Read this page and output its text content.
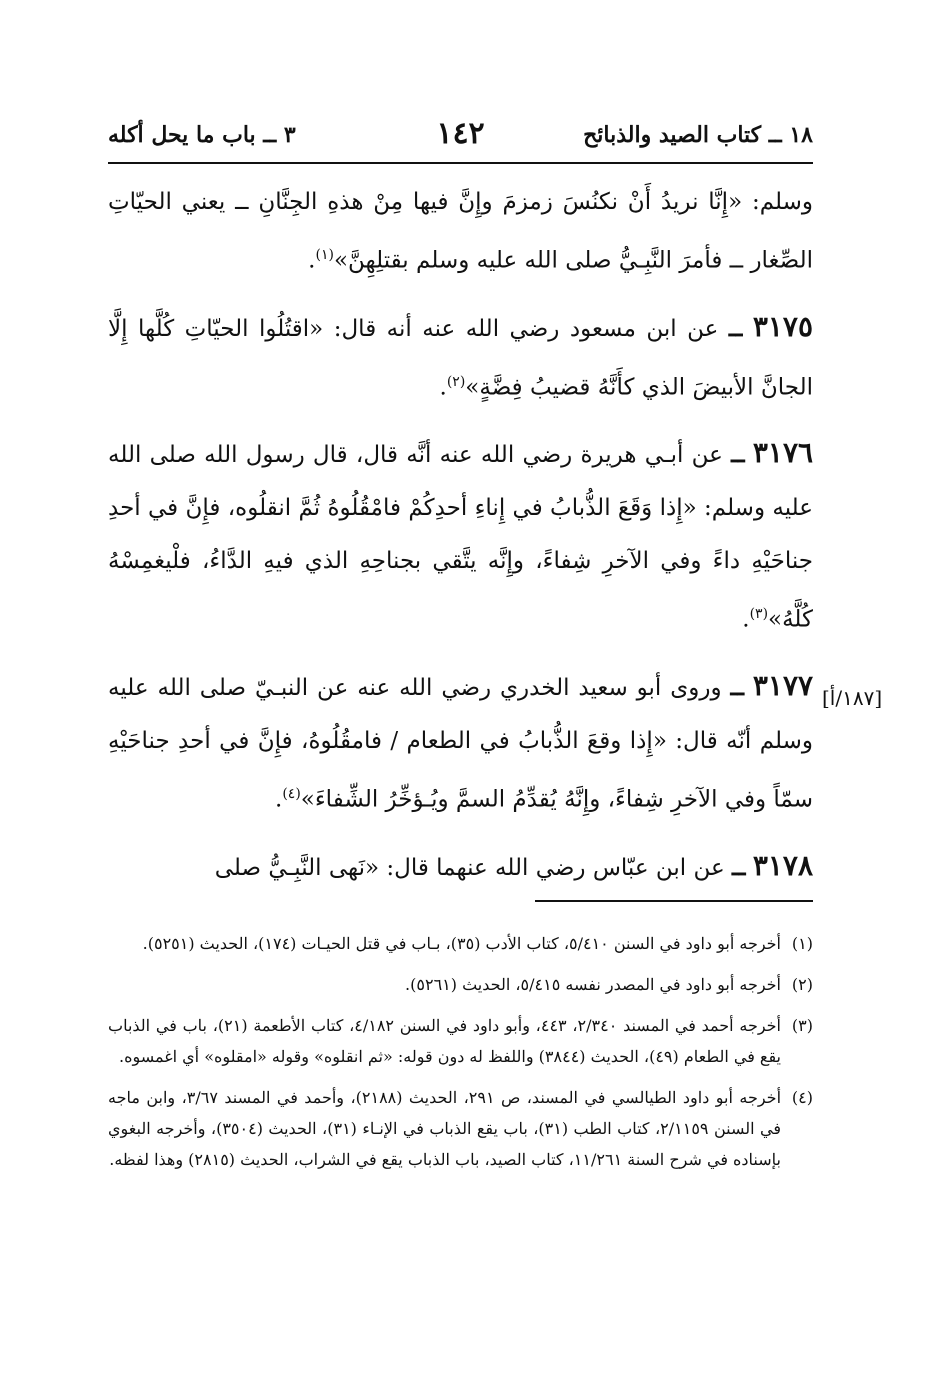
١٨ ــ كتاب الصيد والذبائح
١٤٢
٣ ــ باب ما يحل أكله

وسلم: «إِنَّا نريدُ أَنْ نكنُسَ زمزمَ وإِنَّ فيها مِنْ هذهِ الجِنَّانِ ــ يعني الحيّاتِ الصِّغار ــ فأمرَ النَّبِـيُّ صلى الله عليه وسلم بقتلِهِنَّ»$^{(١)}$.

٣١٧٥ ــ عن ابن مسعود رضي الله عنه أنه قال: «اقتُلُوا الحيّاتِ كُلَّها إِلَّا الجانَّ الأبيضَ الذي كأَنَّهُ قضيبُ فِضَّةٍ»$^{(٢)}$.

٣١٧٦ ــ عن أبـي هريرة رضي الله عنه أنَّه قال، قال رسول الله صلى الله عليه وسلم: «إِذا وَقَعَ الذُّبابُ في إِناءِ أحدِكُمْ فامْقُلُوهُ ثُمَّ انقلُوه، فإِنَّ في أحدِ جناحَيْهِ داءً وفي الآخرِ شِفاءً، وإِنَّه يتَّقي بجناحِهِ الذي فيهِ الدَّاءُ، فلْيغمِسْهُ كُلَّهُ»$^{(٣)}$.

٣١٧٧ ــ وروى أبو سعيد الخدري رضي الله عنه عن النبـيّ صلى الله عليه وسلم أنّه قال: «إِذا وقعَ الذُّبابُ في الطعام / فامقُلُوهُ، فإِنَّ في أحدِ جناحَيْهِ سمّاً وفي الآخرِ شِفاءً، وإِنَّهُ يُقدِّمُ السمَّ ويُـؤخِّرُ الشِّفاءَ»$^{(٤)}$.

٣١٧٨ ــ عن ابن عبّاس رضي الله عنهما قال: «نَهى النَّبِـيُّ صلى

[١٨٧/أ]
(١)
أخرجه أبو داود في السنن ٥/٤١٠، كتاب الأدب (٣٥)، بـاب في قتل الحيـات (١٧٤)، الحديث (٥٢٥١).
(٢)
أخرجه أبو داود في المصدر نفسه ٥/٤١٥، الحديث (٥٢٦١).
(٣)
أخرجه أحمد في المسند ٢/٣٤٠، ٤٤٣، وأبو داود في السنن ٤/١٨٢، كتاب الأطعمة (٢١)، باب في الذباب يقع في الطعام (٤٩)، الحديث (٣٨٤٤) واللفظ له دون قوله: «ثم انقلوه» وقوله «امقلوه» أي اغمسوه.
(٤)
أخرجه أبو داود الطيالسي في المسند، ص ٢٩١، الحديث (٢١٨٨)، وأحمد في المسند ٣/٦٧، وابن ماجه في السنن ٢/١١٥٩، كتاب الطب (٣١)، باب يقع الذباب في الإنـاء (٣١)، الحديث (٣٥٠٤)، وأخرجه البغوي بإسناده في شرح السنة ١١/٢٦١، كتاب الصيد، باب الذباب يقع في الشراب، الحديث (٢٨١٥) وهذا لفظه.
